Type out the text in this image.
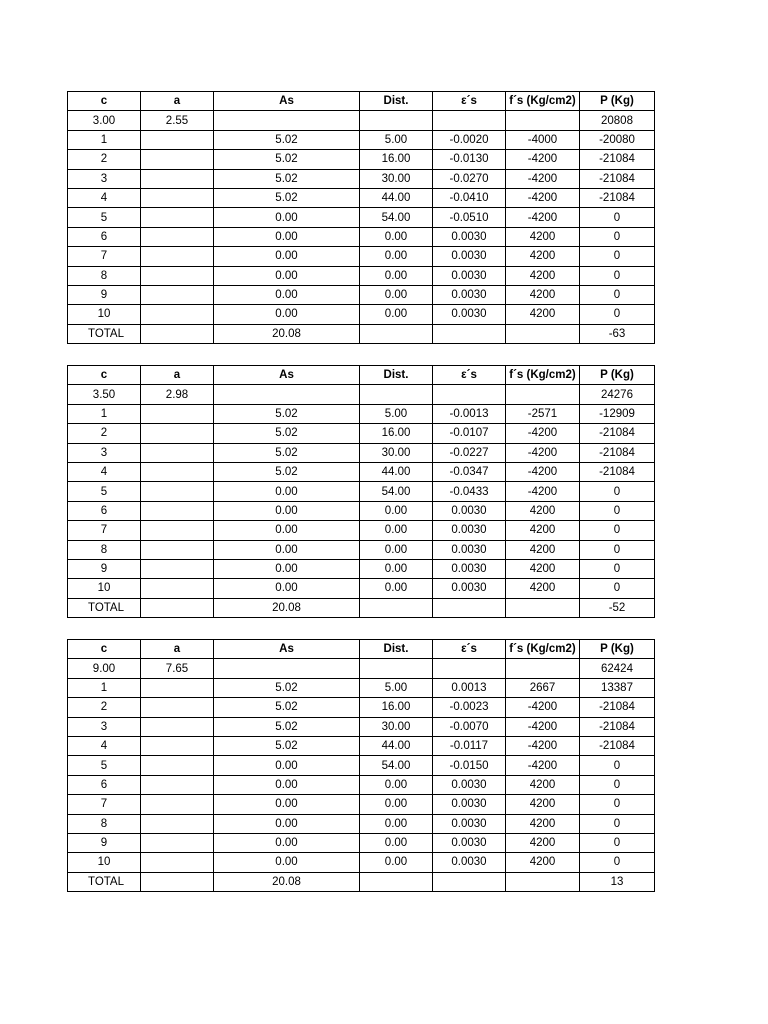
c	a	As	Dist.	ε´s	f´s (Kg/cm2)	P (Kg)
3.00	2.55					20808
1		5.02	5.00	-0.0020	-4000	-20080
2		5.02	16.00	-0.0130	-4200	-21084
3		5.02	30.00	-0.0270	-4200	-21084
4		5.02	44.00	-0.0410	-4200	-21084
5		0.00	54.00	-0.0510	-4200	0
6		0.00	0.00	0.0030	4200	0
7		0.00	0.00	0.0030	4200	0
8		0.00	0.00	0.0030	4200	0
9		0.00	0.00	0.0030	4200	0
10		0.00	0.00	0.0030	4200	0
TOTAL		20.08				-63
c	a	As	Dist.	ε´s	f´s (Kg/cm2)	P (Kg)
3.50	2.98					24276
1		5.02	5.00	-0.0013	-2571	-12909
2		5.02	16.00	-0.0107	-4200	-21084
3		5.02	30.00	-0.0227	-4200	-21084
4		5.02	44.00	-0.0347	-4200	-21084
5		0.00	54.00	-0.0433	-4200	0
6		0.00	0.00	0.0030	4200	0
7		0.00	0.00	0.0030	4200	0
8		0.00	0.00	0.0030	4200	0
9		0.00	0.00	0.0030	4200	0
10		0.00	0.00	0.0030	4200	0
TOTAL		20.08				-52
c	a	As	Dist.	ε´s	f´s (Kg/cm2)	P (Kg)
9.00	7.65					62424
1		5.02	5.00	0.0013	2667	13387
2		5.02	16.00	-0.0023	-4200	-21084
3		5.02	30.00	-0.0070	-4200	-21084
4		5.02	44.00	-0.0117	-4200	-21084
5		0.00	54.00	-0.0150	-4200	0
6		0.00	0.00	0.0030	4200	0
7		0.00	0.00	0.0030	4200	0
8		0.00	0.00	0.0030	4200	0
9		0.00	0.00	0.0030	4200	0
10		0.00	0.00	0.0030	4200	0
TOTAL		20.08				13
